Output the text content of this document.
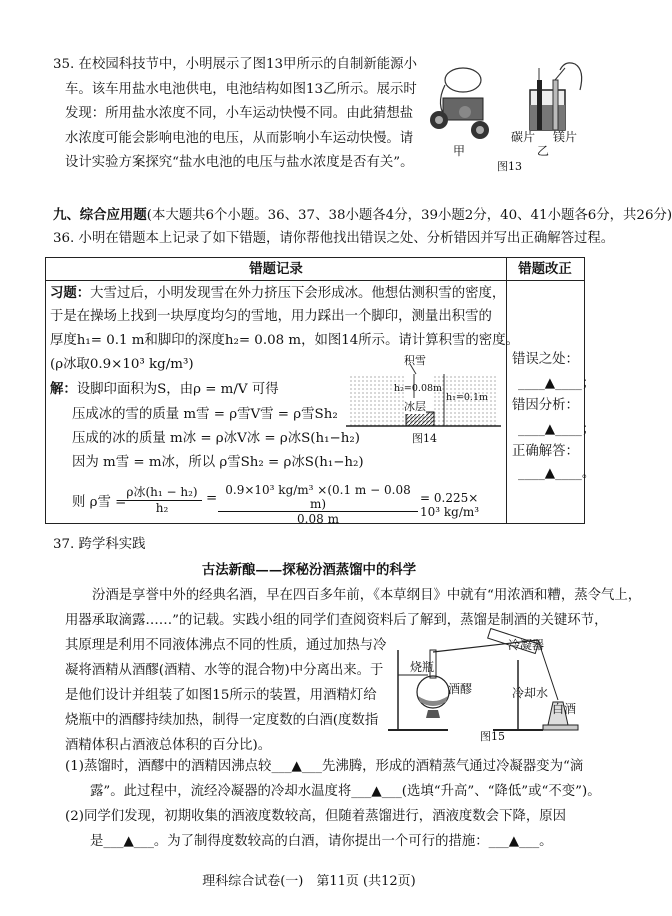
35. 在校园科技节中，小明展示了图13甲所示的自制新能源小
车。该车用盐水电池供电，电池结构如图13乙所示。展示时
发现：所用盐水浓度不同，小车运动快慢不同。由此猜想盐
水浓度可能会影响电池的电压，从而影响小车运动快慢。请
设计实验方案探究“盐水电池的电压与盐水浓度是否有关”。
甲
碳片 镁片
乙
图13
九、综合应用题(本大题共6个小题。36、37、38小题各4分，39小题2分，40、41小题各6分，共26分)
36. 小明在错题本上记录了如下错题，请你帮他找出错误之处、分析错因并写出正确解答过程。
错题记录	错题改正
习题：大雪过后，小明发现雪在外力挤压下会形成冰。他想估测积雪的密度，
于是在操场上找到一块厚度均匀的雪地，用力踩出一个脚印，测量出积雪的
厚度h₁= 0.1 m和脚印的深度h₂= 0.08 m，如图14所示。请计算积雪的密度。
(ρ冰取0.9×10³ kg/m³)
解：设脚印面积为S，由ρ = m/V 可得
压成冰的雪的质量 m雪 = ρ雪V雪 = ρ雪Sh₂
压成的冰的质量 m冰 = ρ冰V冰 = ρ冰S(h₁−h₂)
因为 m雪 = m冰，所以 ρ雪Sh₂ = ρ冰S(h₁−h₂)
则 ρ雪 =
ρ冰(h₁ − h₂)
h₂
= $\frac{\text{0.9×10³ kg/m³ ×(0.1 m − 0.08 m)}}{0.08 m} = 0.225\times 10^3$ kg/m³
积雪
h₂=0.08m
h₁=0.1m
冰层
图14
错误之处：
____▲____；
错因分析：
____▲____；
正确解答：
____▲____。
37. 跨学科实践
古法新酿——探秘汾酒蒸馏中的科学
汾酒是享誉中外的经典名酒，早在四百多年前，《本草纲目》中就有“用浓酒和糟，蒸令气上，
用器承取滴露……”的记载。实践小组的同学们查阅资料后了解到，蒸馏是制酒的关键环节，
其原理是利用不同液体沸点不同的性质，通过加热与冷
凝将酒精从酒醪(酒精、水等的混合物)中分离出来。于
是他们设计并组装了如图15所示的装置，用酒精灯给
烧瓶中的酒醪持续加热，制得一定度数的白酒(度数指
酒精体积占酒液总体积的百分比)。
烧瓶
酒醪
冷凝器
冷却水
白酒
图15
(1)蒸馏时，酒醪中的酒精因沸点较___▲___先沸腾，形成的酒精蒸气通过冷凝器变为“滴
露”。此过程中，流经冷凝器的冷却水温度将___▲___(选填“升高”、“降低”或“不变”)。
(2)同学们发现，初期收集的酒液度数较高，但随着蒸馏进行，酒液度数会下降，原因
是___▲___。为了制得度数较高的白酒，请你提出一个可行的措施：___▲___。
理科综合试卷(一)　第11页 (共12页)
